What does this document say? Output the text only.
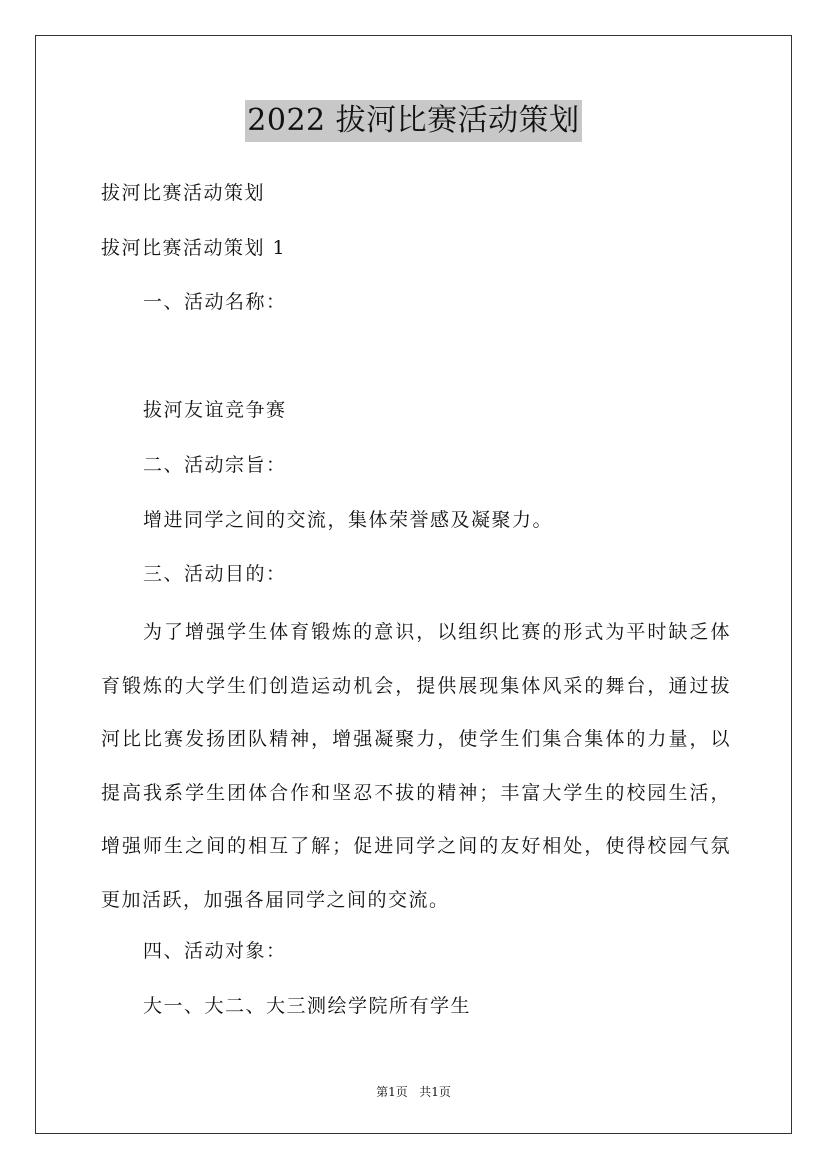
2022 拔河比赛活动策划
拔河比赛活动策划
拔河比赛活动策划 1
一、活动名称：
拔河友谊竞争赛
二、活动宗旨：
增进同学之间的交流，集体荣誉感及凝聚力。
三、活动目的：
为了增强学生体育锻炼的意识，以组织比赛的形式为平时缺乏体
育锻炼的大学生们创造运动机会，提供展现集体风采的舞台，通过拔
河比比赛发扬团队精神，增强凝聚力，使学生们集合集体的力量，以
提高我系学生团体合作和坚忍不拔的精神；丰富大学生的校园生活，
增强师生之间的相互了解；促进同学之间的友好相处，使得校园气氛
更加活跃，加强各届同学之间的交流。
四、活动对象：
大一、大二、大三测绘学院所有学生
第1页 共1页
